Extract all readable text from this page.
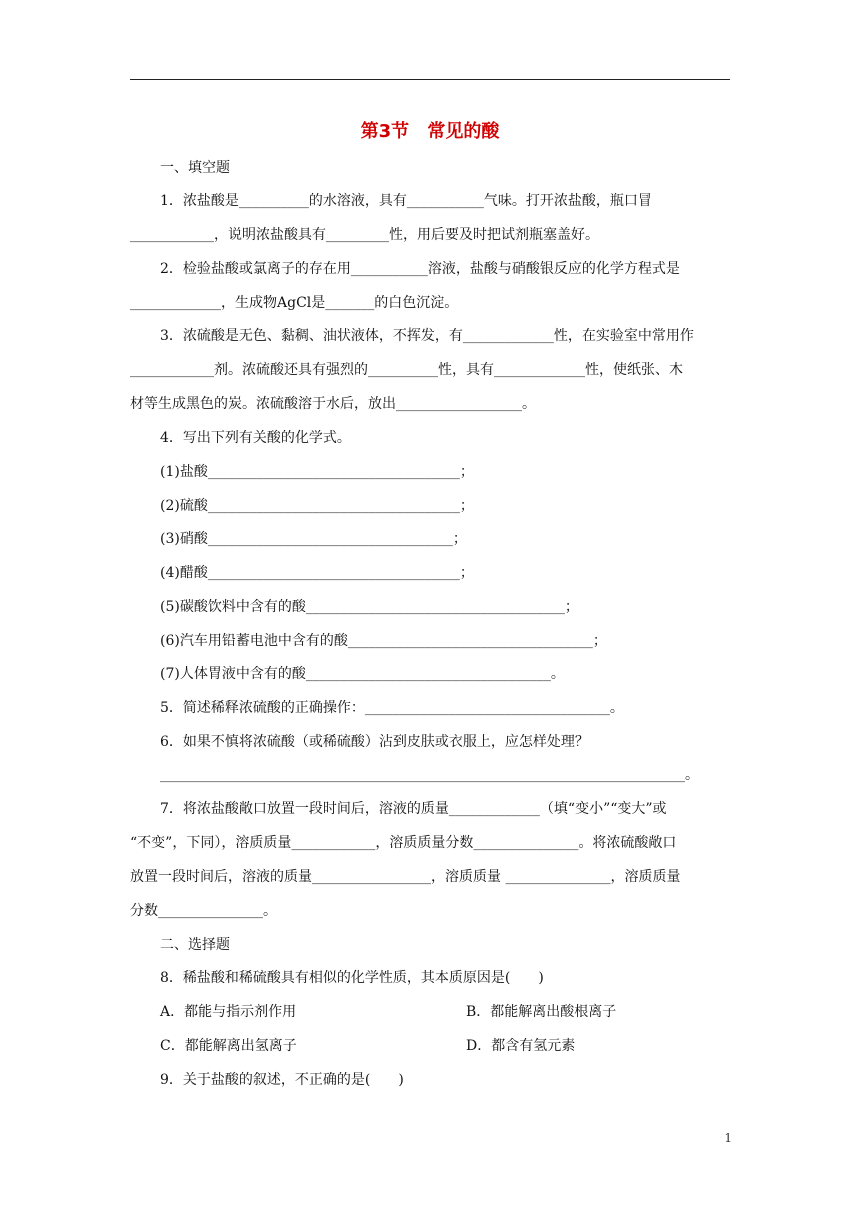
第3节 常见的酸
一、填空题
1．浓盐酸是__________的水溶液，具有___________气味。打开浓盐酸，瓶口冒
____________，说明浓盐酸具有_________性，用后要及时把试剂瓶塞盖好。
2．检验盐酸或氯离子的存在用___________溶液，盐酸与硝酸银反应的化学方程式是
_____________，生成物AgCl是_______的白色沉淀。
3．浓硫酸是无色、黏稠、油状液体，不挥发，有_____________性，在实验室中常用作
____________剂。浓硫酸还具有强烈的__________性，具有_____________性，使纸张、木
材等生成黑色的炭。浓硫酸溶于水后，放出__________________。
4．写出下列有关酸的化学式。
(1)盐酸____________________________________；
(2)硫酸____________________________________；
(3)硝酸___________________________________；
(4)醋酸____________________________________；
(5)碳酸饮料中含有的酸_____________________________________；
(6)汽车用铅蓄电池中含有的酸___________________________________；
(7)人体胃液中含有的酸___________________________________。
5．简述稀释浓硫酸的正确操作：___________________________________。
6．如果不慎将浓硫酸（或稀硫酸）沾到皮肤或衣服上，应怎样处理？
___________________________________________________________________________。
7．将浓盐酸敞口放置一段时间后，溶液的质量_____________（填“变小”“变大”或
“不变”，下同），溶质质量____________，溶质质量分数_______________。将浓硫酸敞口
放置一段时间后，溶液的质量_________________，溶质质量 _______________，溶质质量
分数_______________。
二、选择题
8．稀盐酸和稀硫酸具有相似的化学性质，其本质原因是(　　)
A．都能与指示剂作用	B．都能解离出酸根离子
C．都能解离出氢离子	D．都含有氢元素
9．关于盐酸的叙述，不正确的是(　　)
1
